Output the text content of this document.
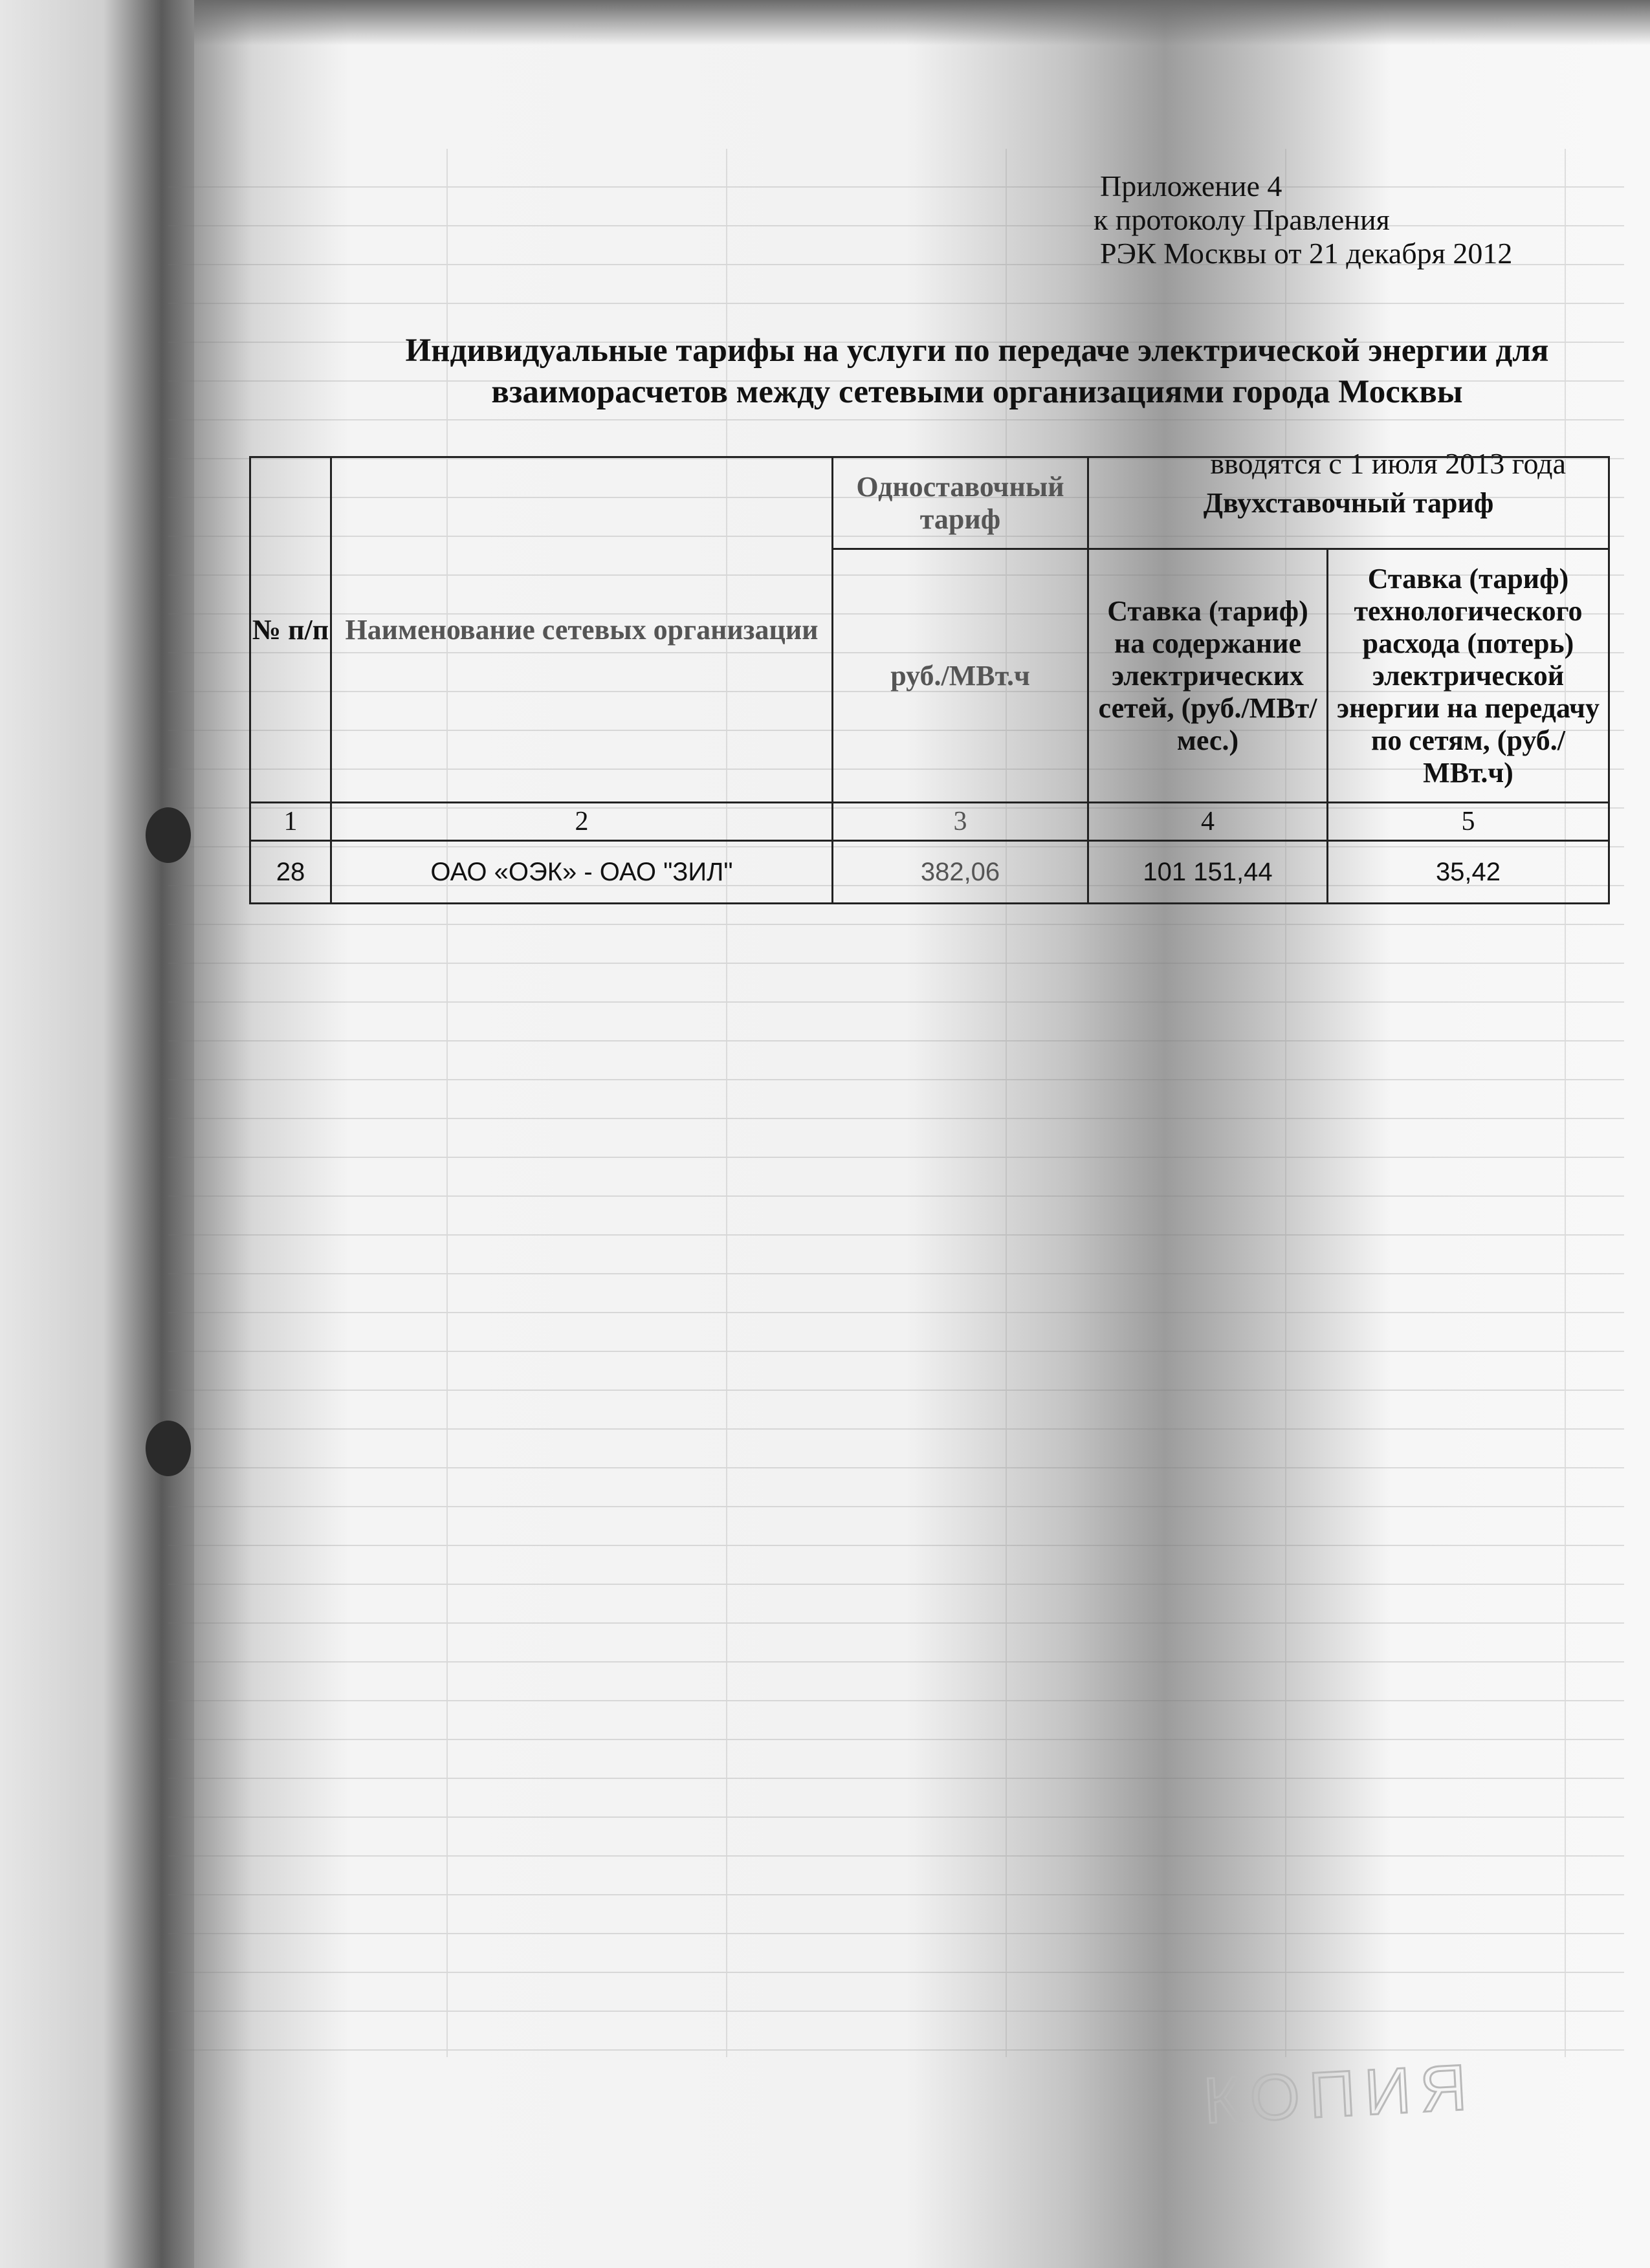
Приложение 4
к протоколу Правления
РЭК Москвы от 21 декабря 2012
Индивидуальные тарифы на услуги по передаче электрической энергии для
взаиморасчетов между сетевыми организациями города Москвы
вводятся с 1 июля 2013 года
№ п/п	Наименование сетевых организации	Одноставочный тариф	Двухставочный тариф	
		руб./МВт.ч	Ставка (тариф) на содержание электрических сетей, (руб./МВт/мес.)	Ставка (тариф) технологического расхода (потерь) электрической энергии на передачу по сетям, (руб./МВт.ч)
1	2	3	4	5
28	ОАО «ОЭК» - ОАО "ЗИЛ"	382,06	101 151,44	35,42
КОПИЯ
